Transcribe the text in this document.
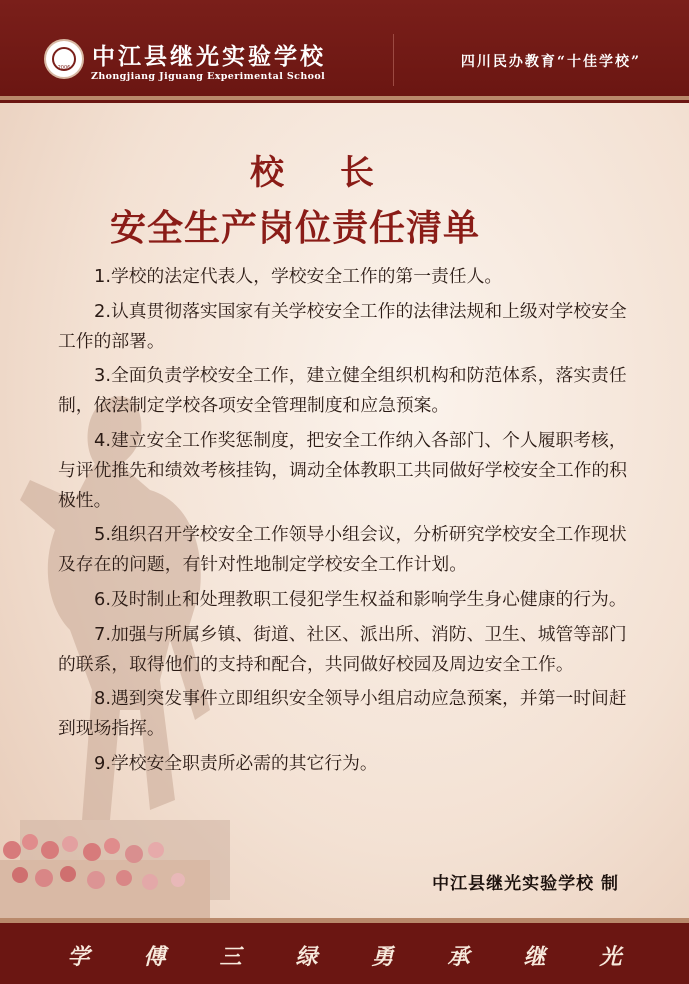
2006 中江县继光实验学校
Zhongjiang Jiguang Experimental School
四川民办教育“十佳学校”
校 长
安全生产岗位责任清单

1.学校的法定代表人，学校安全工作的第一责任人。

2.认真贯彻落实国家有关学校安全工作的法律法规和上级对学校安全工作的部署。

3.全面负责学校安全工作，建立健全组织机构和防范体系，落实责任制，依法制定学校各项安全管理制度和应急预案。

4.建立安全工作奖惩制度，把安全工作纳入各部门、个人履职考核，与评优推先和绩效考核挂钩，调动全体教职工共同做好学校安全工作的积极性。

5.组织召开学校安全工作领导小组会议，分析研究学校安全工作现状及存在的问题，有针对性地制定学校安全工作计划。

6.及时制止和处理教职工侵犯学生权益和影响学生身心健康的行为。

7.加强与所属乡镇、街道、社区、派出所、消防、卫生、城管等部门的联系，取得他们的支持和配合，共同做好校园及周边安全工作。

8.遇到突发事件立即组织安全领导小组启动应急预案，并第一时间赶到现场指挥。

9.学校安全职责所必需的其它行为。

中江县继光实验学校 制
学 傅 三 绿 勇 承 继 光
